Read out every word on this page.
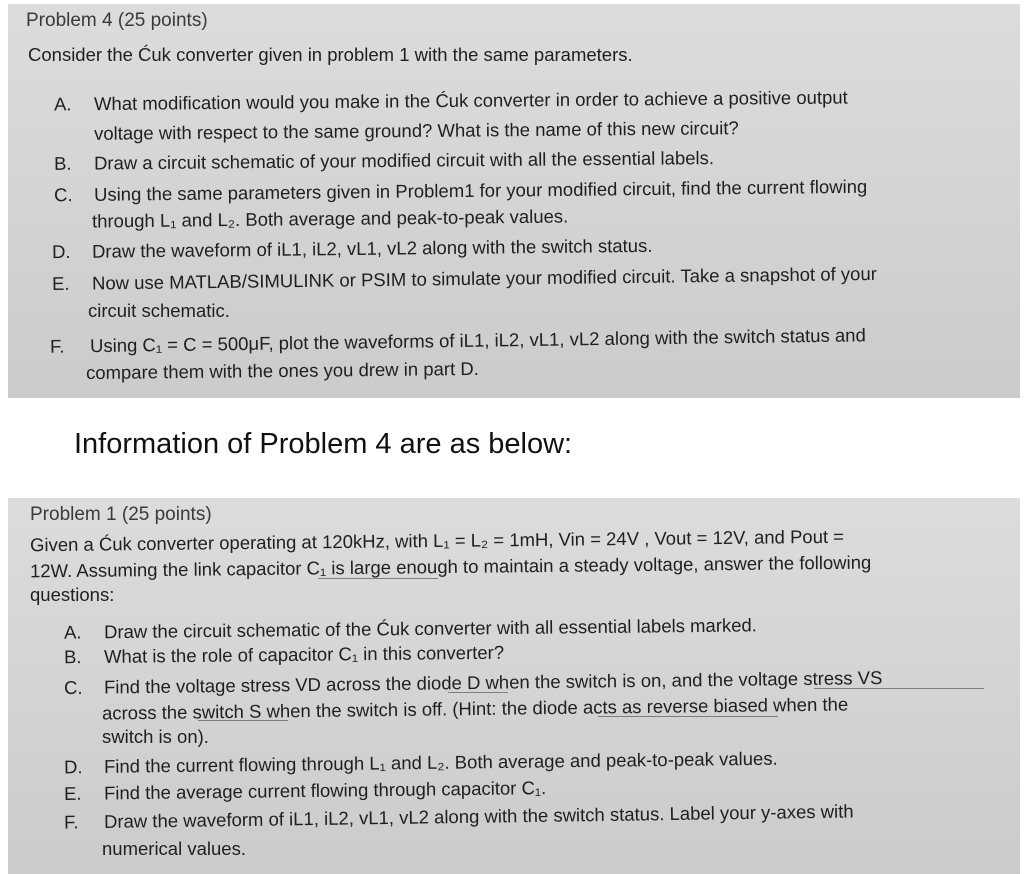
Problem 4 (25 points)
Consider the Ćuk converter given in problem 1 with the same parameters.
A. What modification would you make in the Ćuk converter in order to achieve a positive output
voltage with respect to the same ground? What is the name of this new circuit?
B. Draw a circuit schematic of your modified circuit with all the essential labels.
C. Using the same parameters given in Problem1 for your modified circuit, find the current flowing
through L₁ and L₂. Both average and peak-to-peak values.
D. Draw the waveform of iL1, iL2, vL1, vL2 along with the switch status.
E. Now use MATLAB/SIMULINK or PSIM to simulate your modified circuit. Take a snapshot of your
circuit schematic.
F. Using C₁ = C = 500μF, plot the waveforms of iL1, iL2, vL1, vL2 along with the switch status and
compare them with the ones you drew in part D.
Information of Problem 4 are as below:
Problem 1 (25 points)
Given a Ćuk converter operating at 120kHz, with L₁ = L₂ = 1mH, Vin = 24V , Vout = 12V, and Pout =
12W. Assuming the link capacitor C₁ is large enough to maintain a steady voltage, answer the following
questions:
A. Draw the circuit schematic of the Ćuk converter with all essential labels marked.
B. What is the role of capacitor C₁ in this converter?
C. Find the voltage stress VD across the diode D when the switch is on, and the voltage stress VS
across the switch S when the switch is off. (Hint: the diode acts as reverse biased when the
switch is on).
D. Find the current flowing through L₁ and L₂. Both average and peak-to-peak values.
E. Find the average current flowing through capacitor C₁.
F. Draw the waveform of iL1, iL2, vL1, vL2 along with the switch status. Label your y-axes with
numerical values.
